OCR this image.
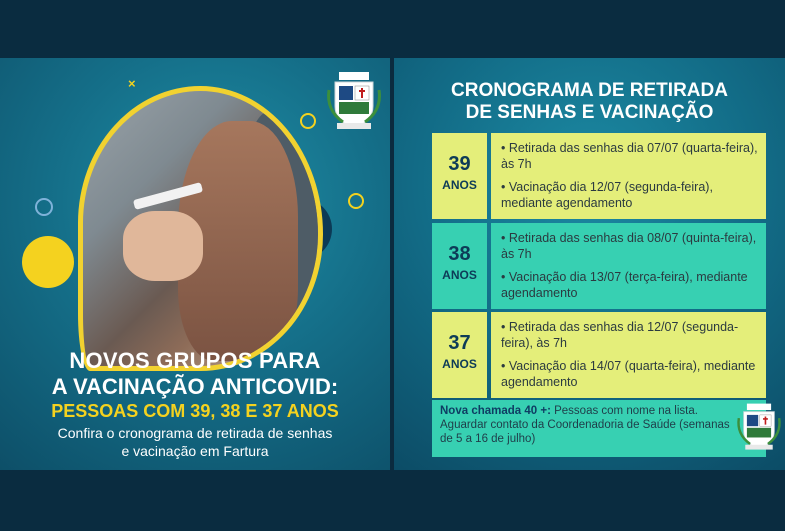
×
NOVOS GRUPOS PARA
A VACINAÇÃO ANTICOVID:
PESSOAS COM 39, 38 E 37 ANOS
Confira o cronograma de retirada de senhas
e vacinação em Fartura
CRONOGRAMA DE RETIRADA
DE SENHAS E VACINAÇÃO
39
ANOS
• Retirada das senhas dia 07/07 (quarta-feira), às 7h
• Vacinação dia 12/07 (segunda-feira), mediante agendamento
38
ANOS
• Retirada das senhas dia 08/07 (quinta-feira), às 7h
• Vacinação dia 13/07 (terça-feira), mediante agendamento
37
ANOS
• Retirada das senhas dia 12/07 (segunda-feira), às 7h
• Vacinação dia 14/07 (quarta-feira), mediante agendamento
Nova chamada 40 +: Pessoas com nome na lista. Aguardar contato da Coordenadoria de Saúde (semanas de 5 a 16 de julho)
